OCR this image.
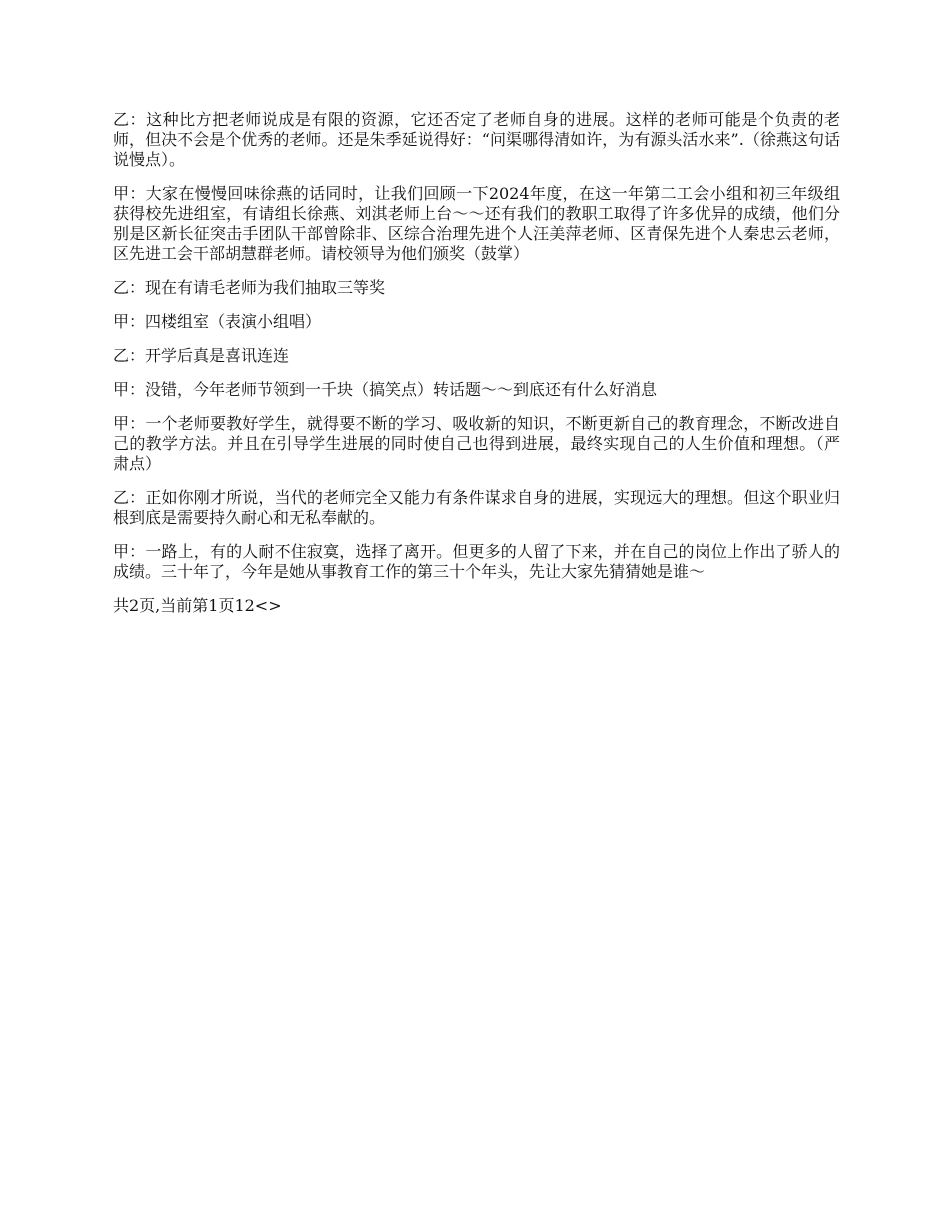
乙：这种比方把老师说成是有限的资源，它还否定了老师自身的进展。这样的老师可能是个负责的老师，但决不会是个优秀的老师。还是朱季延说得好：“问渠哪得清如许，为有源头活水来”.（徐燕这句话说慢点）。

甲：大家在慢慢回味徐燕的话同时，让我们回顾一下2024年度，在这一年第二工会小组和初三年级组获得校先进组室，有请组长徐燕、刘淇老师上台～～还有我们的教职工取得了许多优异的成绩，他们分别是区新长征突击手团队干部曾除非、区综合治理先进个人汪美萍老师、区青保先进个人秦忠云老师，区先进工会干部胡慧群老师。请校领导为他们颁奖（鼓掌）

乙：现在有请毛老师为我们抽取三等奖

甲：四楼组室（表演小组唱）

乙：开学后真是喜讯连连

甲：没错，今年老师节领到一千块（搞笑点）转话题～～到底还有什么好消息

甲：一个老师要教好学生，就得要不断的学习、吸收新的知识，不断更新自己的教育理念，不断改进自己的教学方法。并且在引导学生进展的同时使自己也得到进展，最终实现自己的人生价值和理想。（严肃点）

乙：正如你刚才所说，当代的老师完全又能力有条件谋求自身的进展，实现远大的理想。但这个职业归根到底是需要持久耐心和无私奉献的。

甲：一路上，有的人耐不住寂寞，选择了离开。但更多的人留了下来，并在自己的岗位上作出了骄人的成绩。三十年了，今年是她从事教育工作的第三十个年头，先让大家先猜猜她是谁～

共2页,当前第1页12<>
